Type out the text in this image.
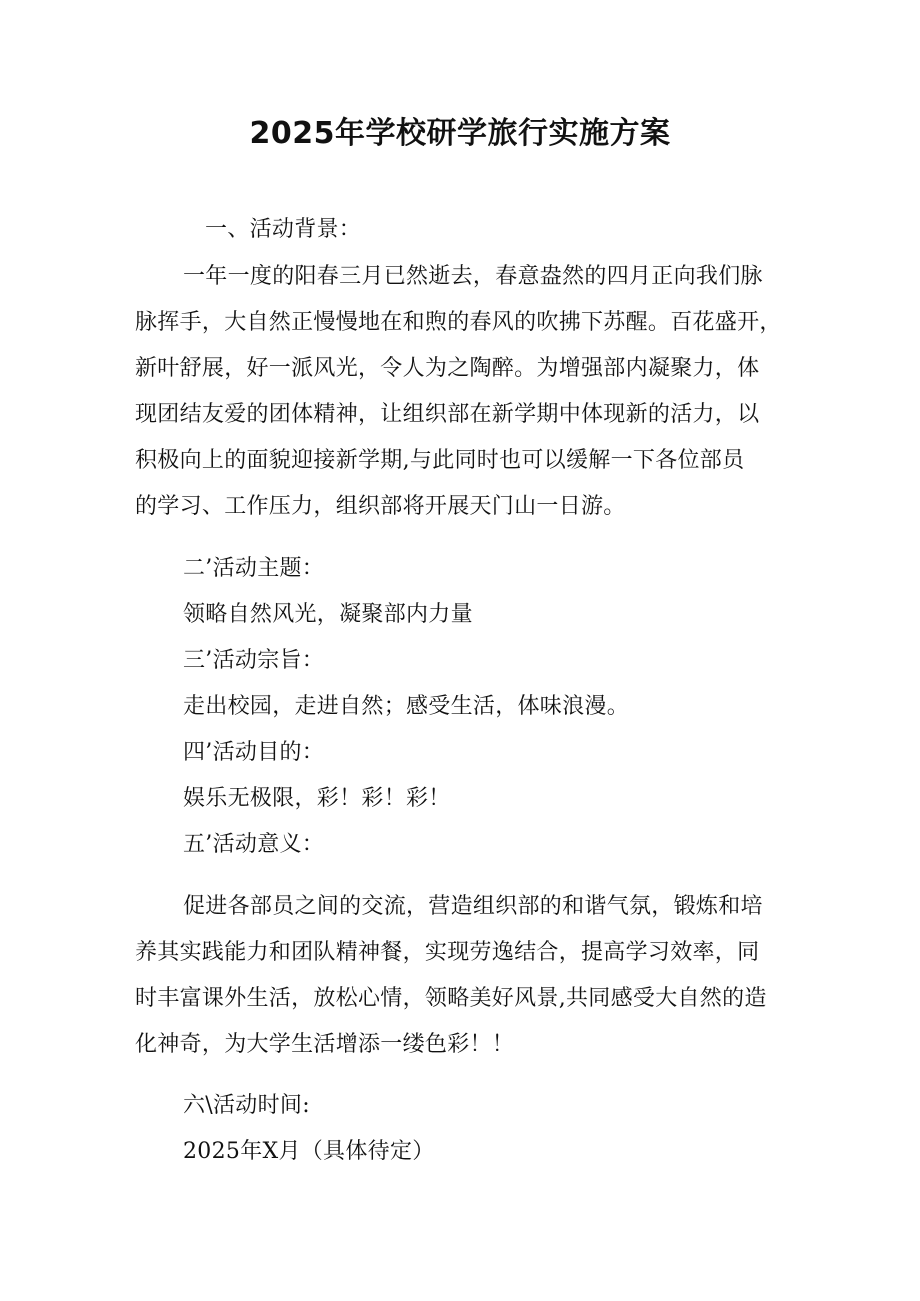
2025年学校研学旅行实施方案
一、活动背景：
一年一度的阳春三月已然逝去，春意盎然的四月正向我们脉
脉挥手，大自然正慢慢地在和煦的春风的吹拂下苏醒。百花盛开，
新叶舒展，好一派风光，令人为之陶醉。为增强部内凝聚力，体
现团结友爱的团体精神，让组织部在新学期中体现新的活力，以
积极向上的面貌迎接新学期,与此同时也可以缓解一下各位部员
的学习、工作压力，组织部将开展天门山一日游。
二’活动主题：
领略自然风光，凝聚部内力量
三’活动宗旨：
走出校园，走进自然；感受生活，体味浪漫。
四’活动目的：
娱乐无极限，彩！彩！彩！
五’活动意义：
促进各部员之间的交流，营造组织部的和谐气氛，锻炼和培
养其实践能力和团队精神餐，实现劳逸结合，提高学习效率，同
时丰富课外生活，放松心情，领略美好风景,共同感受大自然的造
化神奇，为大学生活增添一缕色彩！！
六\活动时间:
2025年X月（具体待定）
